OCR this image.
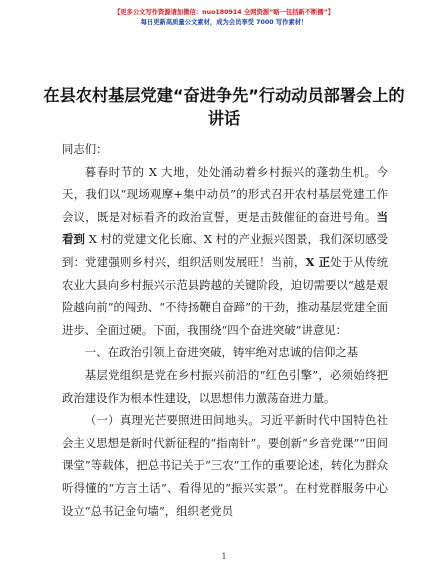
【更多公文写作资源请加微信：nuo180914 全网资源“略一包括新不断播”】
每日更新高质量公文素材，成为会员享受 7000 写作素材！
在县农村基层党建“奋进争先”行动动员部署会上的讲话

同志们：

暮春时节的 X 大地，处处涌动着乡村振兴的蓬勃生机。今天，我们以“现场观摩+集中动员”的形式召开农村基层党建工作会议，既是对标看齐的政治宣誓，更是击鼓催征的奋进号角。当看到 X 村的党建文化长廊、X 村的产业振兴图景，我们深切感受到：党建强则乡村兴，组织活则发展旺！当前，X 正处于从传统农业大县向乡村振兴示范县跨越的关键阶段，迫切需要以“越是艰险越向前”的闯劲、“不待扬鞭自奋蹄”的干劲，推动基层党建全面进步、全面过硬。下面，我围绕“四个奋进突破”讲意见：

一、在政治引领上奋进突破，铸牢绝对忠诚的信仰之基

基层党组织是党在乡村振兴前沿的“红色引擎”，必须始终把政治建设作为根本性建设，以思想伟力激荡奋进力量。

（一）真理光芒要照进田间地头。习近平新时代中国特色社会主义思想是新时代新征程的“指南针”。要创新“乡音党课”“田间课堂”等载体，把总书记关于“三农”工作的重要论述，转化为群众听得懂的“方言土话”、看得见的“振兴实景”。在村党群服务中心设立“总书记金句墙”，组织老党员

1
